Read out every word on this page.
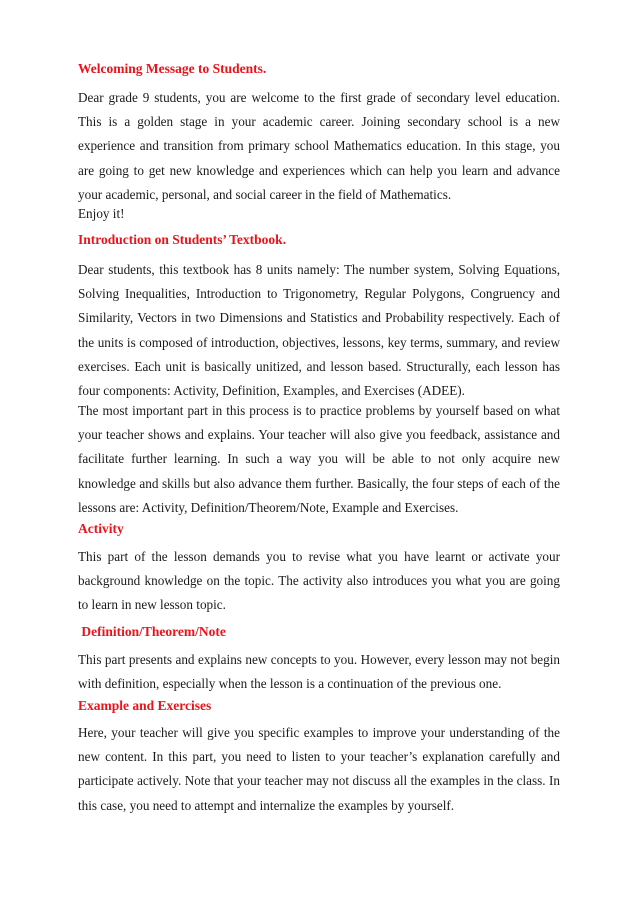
Welcoming Message to Students.

Dear grade 9 students, you are welcome to the first grade of secondary level education. This is a golden stage in your academic career. Joining secondary school is a new experience and transition from primary school Mathematics education. In this stage, you are going to get new knowledge and experiences which can help you learn and advance your academic, personal, and social career in the field of Mathematics.

Enjoy it!

Introduction on Students’ Textbook.

Dear students, this textbook has 8 units namely: The number system, Solving Equations, Solving Inequalities, Introduction to Trigonometry, Regular Polygons, Congruency and Similarity, Vectors in two Dimensions and Statistics and Probability respectively. Each of the units is composed of introduction, objectives, lessons, key terms, summary, and review exercises. Each unit is basically unitized, and lesson based. Structurally, each lesson has four components: Activity, Definition, Examples, and Exercises (ADEE).

The most important part in this process is to practice problems by yourself based on what your teacher shows and explains. Your teacher will also give you feedback, assistance and facilitate further learning. In such a way you will be able to not only acquire new knowledge and skills but also advance them further. Basically, the four steps of each of the lessons are: Activity, Definition/Theorem/Note, Example and Exercises.

Activity

This part of the lesson demands you to revise what you have learnt or activate your background knowledge on the topic. The activity also introduces you what you are going to learn in new lesson topic.

Definition/Theorem/Note

This part presents and explains new concepts to you. However, every lesson may not begin with definition, especially when the lesson is a continuation of the previous one.

Example and Exercises

Here, your teacher will give you specific examples to improve your understanding of the new content. In this part, you need to listen to your teacher’s explanation carefully and participate actively. Note that your teacher may not discuss all the examples in the class. In this case, you need to attempt and internalize the examples by yourself.
